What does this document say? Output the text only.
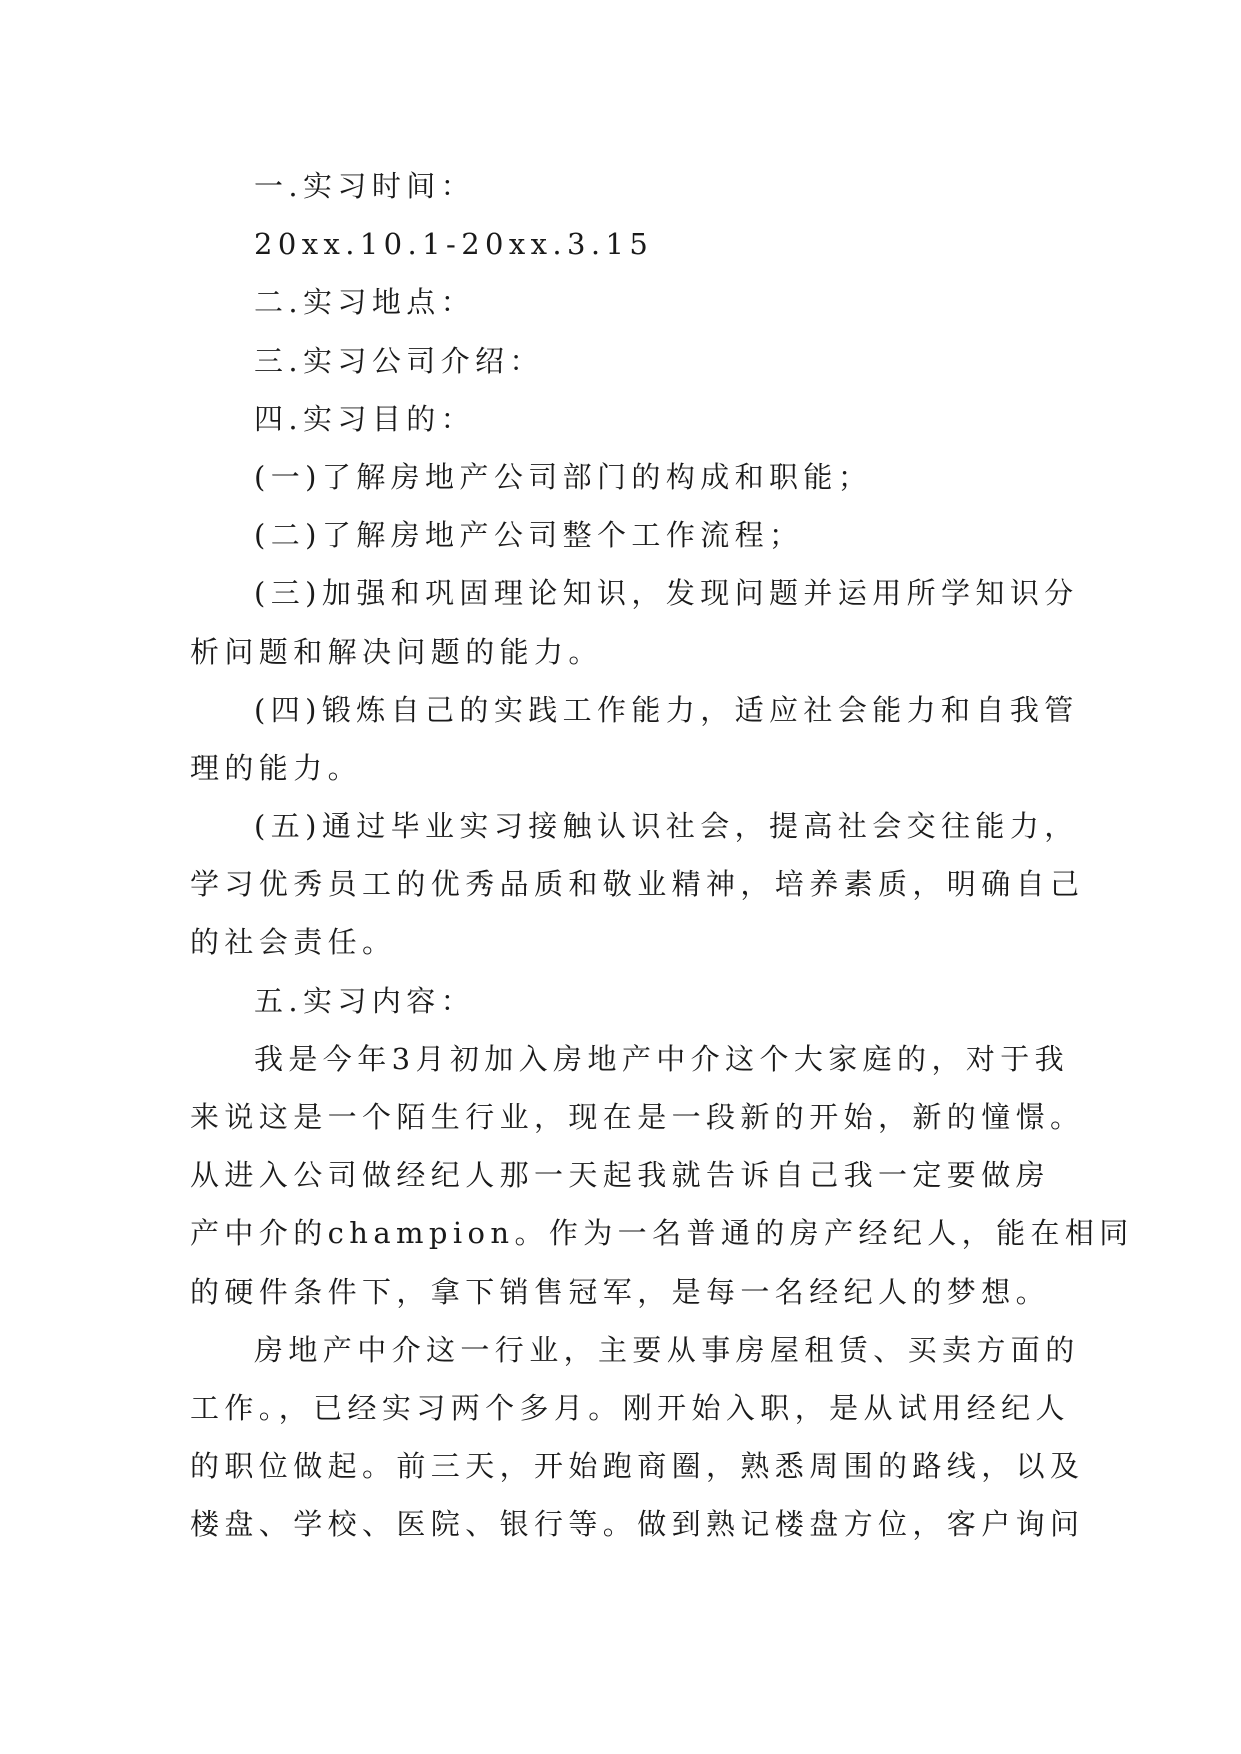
一.实习时间：

20xx.10.1-20xx.3.15

二.实习地点：

三.实习公司介绍：

四.实习目的：

(一)了解房地产公司部门的构成和职能；

(二)了解房地产公司整个工作流程；

(三)加强和巩固理论知识，发现问题并运用所学知识分

析问题和解决问题的能力。

(四)锻炼自己的实践工作能力，适应社会能力和自我管

理的能力。

(五)通过毕业实习接触认识社会，提高社会交往能力，

学习优秀员工的优秀品质和敬业精神，培养素质，明确自己

的社会责任。

五.实习内容：

我是今年3月初加入房地产中介这个大家庭的，对于我

来说这是一个陌生行业，现在是一段新的开始，新的憧憬。

从进入公司做经纪人那一天起我就告诉自己我一定要做房

产中介的champion。作为一名普通的房产经纪人，能在相同

的硬件条件下，拿下销售冠军，是每一名经纪人的梦想。

房地产中介这一行业，主要从事房屋租赁、买卖方面的

工作。，已经实习两个多月。刚开始入职，是从试用经纪人

的职位做起。前三天，开始跑商圈，熟悉周围的路线，以及

楼盘、学校、医院、银行等。做到熟记楼盘方位，客户询问
